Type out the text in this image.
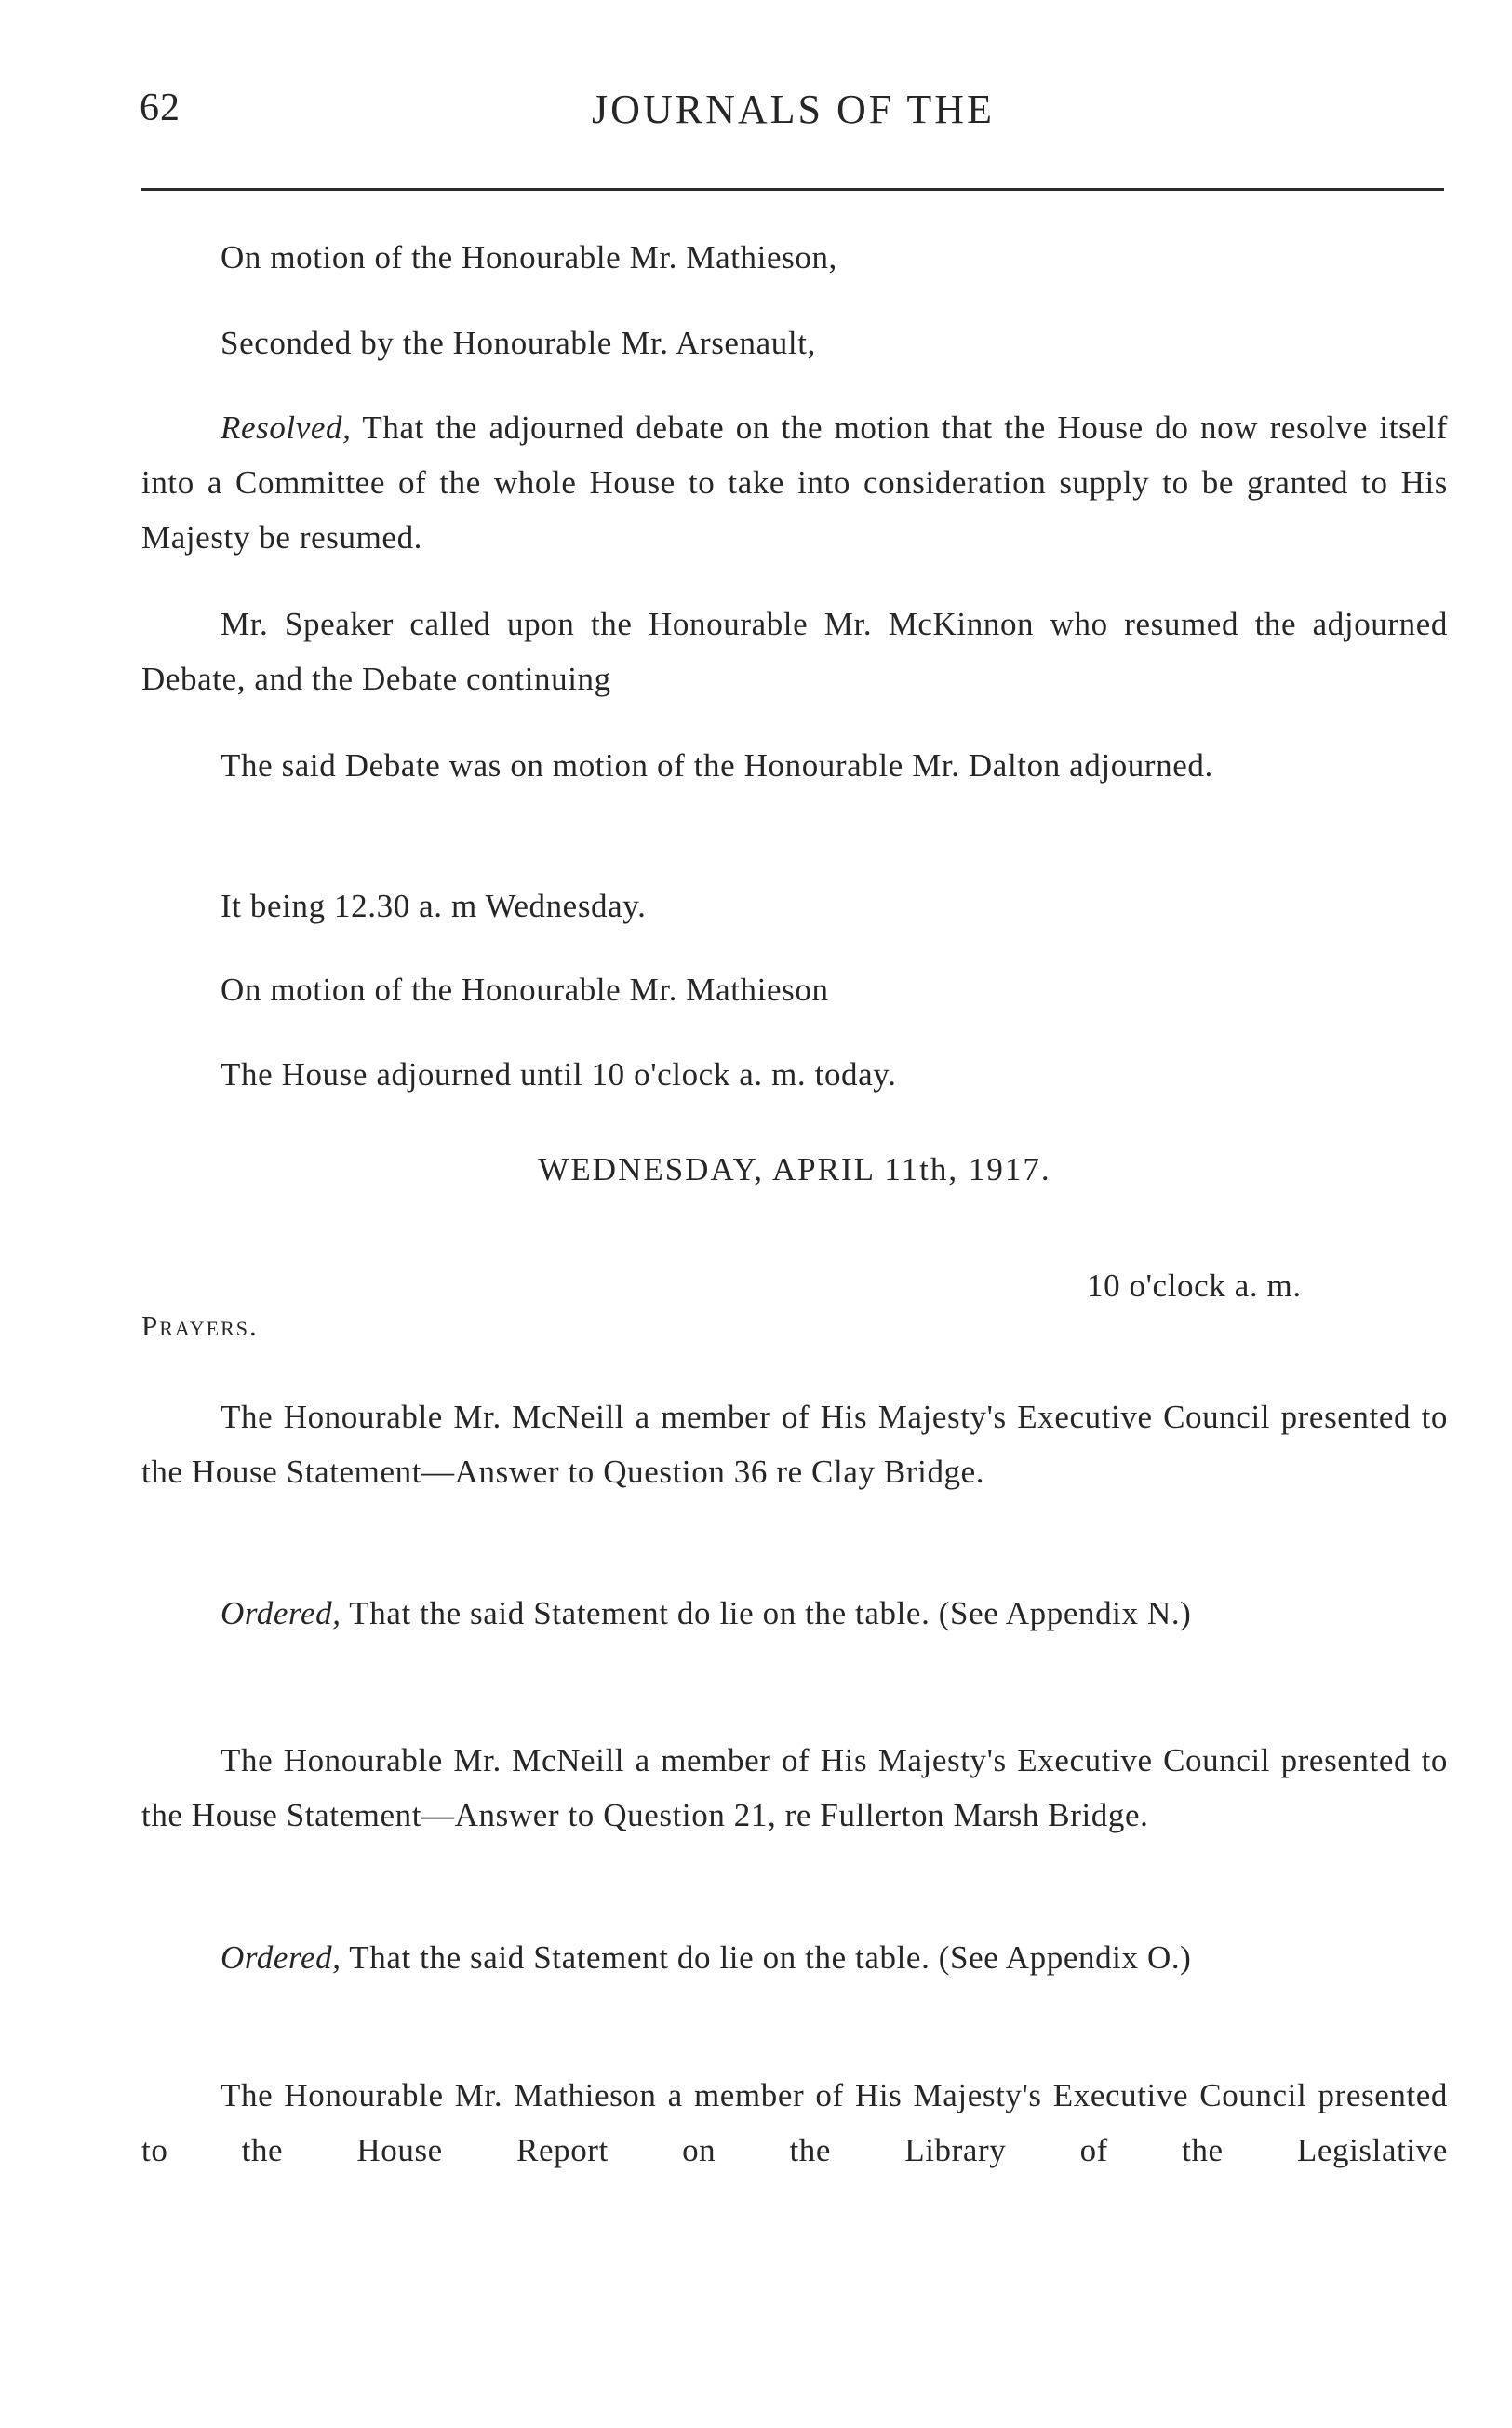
62	JOURNALS OF THE

On motion of the Honourable Mr. Mathieson,

Seconded by the Honourable Mr. Arsenault,

Resolved, That the adjourned debate on the motion that the House do now resolve itself into a Committee of the whole House to take into consideration supply to be granted to His Majesty be resumed.

Mr. Speaker called upon the Honourable Mr. McKinnon who resumed the adjourned Debate, and the Debate continuing

The said Debate was on motion of the Honourable Mr. Dalton adjourned.

It being 12.30 a. m Wednesday.

On motion of the Honourable Mr. Mathieson

The House adjourned until 10 o'clock a. m. today.

WEDNESDAY, APRIL 11th, 1917.
10 o'clock a. m.
Prayers.

The Honourable Mr. McNeill a member of His Majesty's Executive Council presented to the House Statement—Answer to Question 36 re Clay Bridge.

Ordered, That the said Statement do lie on the table. (See Appendix N.)

The Honourable Mr. McNeill a member of His Majesty's Executive Council presented to the House Statement—Answer to Question 21, re Fullerton Marsh Bridge.

Ordered, That the said Statement do lie on the table. (See Appendix O.)

The Honourable Mr. Mathieson a member of His Majesty's Executive Council presented to the House Report on the Library of the Legislative
